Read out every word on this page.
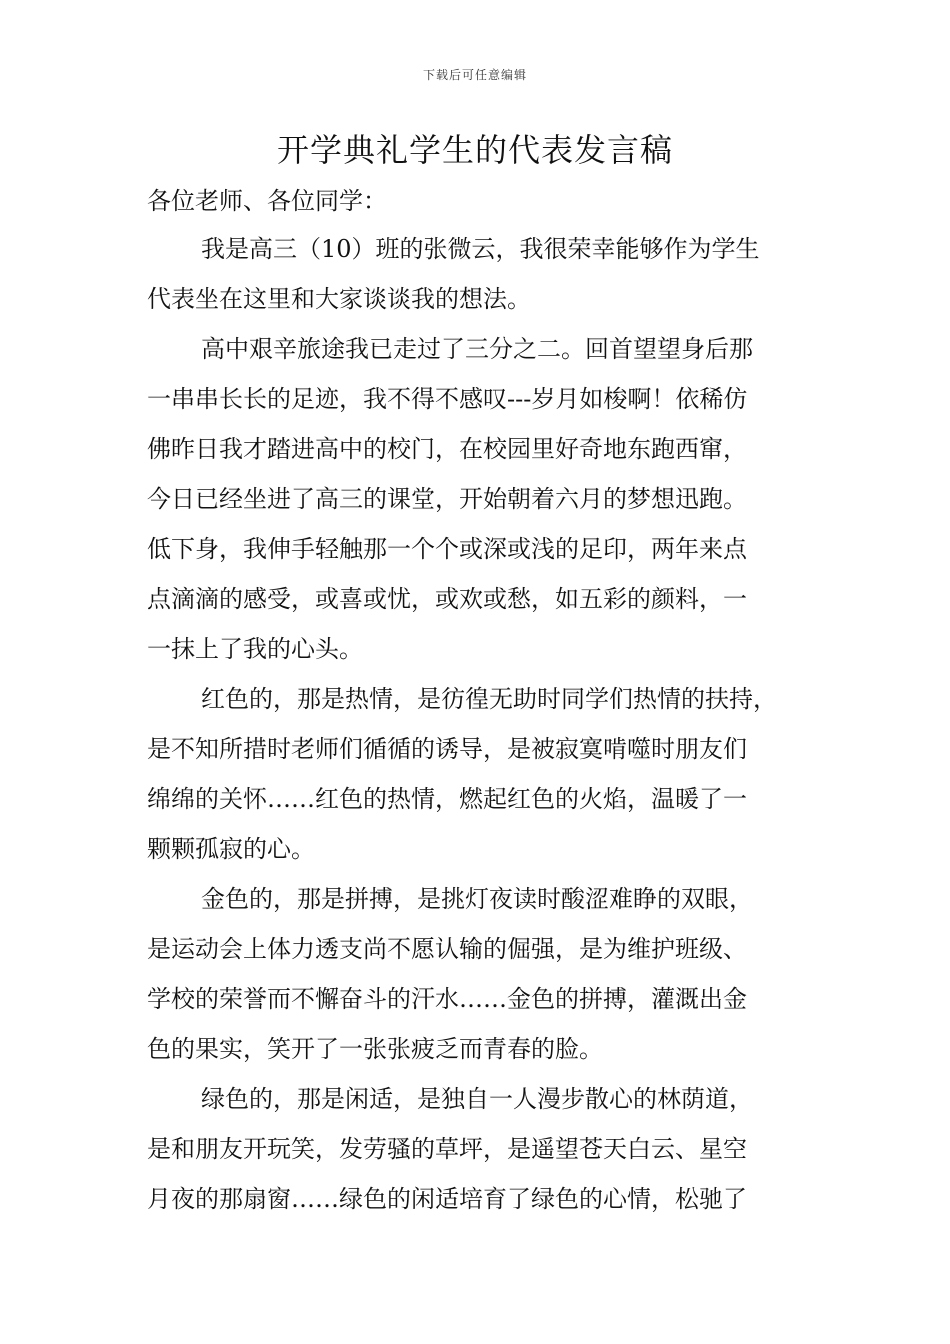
下载后可任意编辑
开学典礼学生的代表发言稿
各位老师、各位同学：
我是高三（10）班的张微云，我很荣幸能够作为学生
代表坐在这里和大家谈谈我的想法。
高中艰辛旅途我已走过了三分之二。回首望望身后那
一串串长长的足迹，我不得不感叹---岁月如梭啊！依稀仿
佛昨日我才踏进高中的校门，在校园里好奇地东跑西窜，
今日已经坐进了高三的课堂，开始朝着六月的梦想迅跑。
低下身，我伸手轻触那一个个或深或浅的足印，两年来点
点滴滴的感受，或喜或忧，或欢或愁，如五彩的颜料，一
一抹上了我的心头。
红色的，那是热情，是彷徨无助时同学们热情的扶持，
是不知所措时老师们循循的诱导，是被寂寞啃噬时朋友们
绵绵的关怀……红色的热情，燃起红色的火焰，温暖了一
颗颗孤寂的心。
金色的，那是拼搏，是挑灯夜读时酸涩难睁的双眼，
是运动会上体力透支尚不愿认输的倔强，是为维护班级、
学校的荣誉而不懈奋斗的汗水……金色的拼搏，灌溉出金
色的果实，笑开了一张张疲乏而青春的脸。
绿色的，那是闲适，是独自一人漫步散心的林荫道，
是和朋友开玩笑，发劳骚的草坪，是遥望苍天白云、星空
月夜的那扇窗……绿色的闲适培育了绿色的心情，松驰了
